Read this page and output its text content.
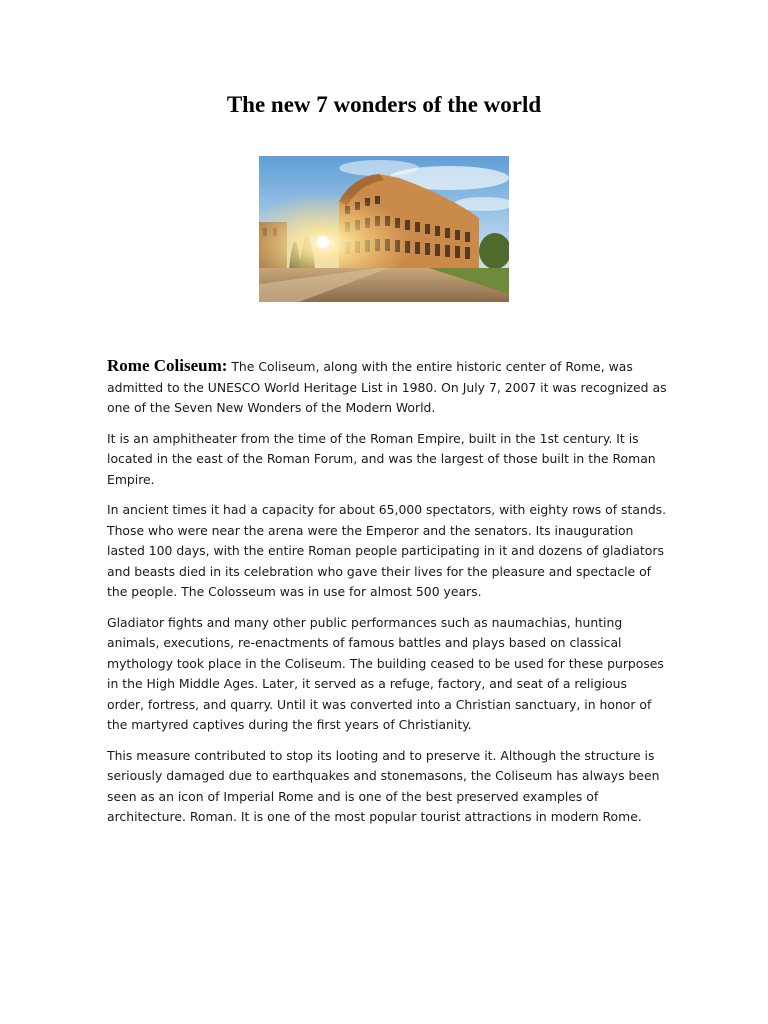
The new 7 wonders of the world

Rome Coliseum: The Coliseum, along with the entire historic center of Rome, was admitted to the UNESCO World Heritage List in 1980. On July 7, 2007 it was recognized as one of the Seven New Wonders of the Modern World.

It is an amphitheater from the time of the Roman Empire, built in the 1st century. It is located in the east of the Roman Forum, and was the largest of those built in the Roman Empire.

In ancient times it had a capacity for about 65,000 spectators, with eighty rows of stands. Those who were near the arena were the Emperor and the senators. Its inauguration lasted 100 days, with the entire Roman people participating in it and dozens of gladiators and beasts died in its celebration who gave their lives for the pleasure and spectacle of the people. The Colosseum was in use for almost 500 years.

Gladiator fights and many other public performances such as naumachias, hunting animals, executions, re-enactments of famous battles and plays based on classical mythology took place in the Coliseum. The building ceased to be used for these purposes in the High Middle Ages. Later, it served as a refuge, factory, and seat of a religious order, fortress, and quarry. Until it was converted into a Christian sanctuary, in honor of the martyred captives during the first years of Christianity.

This measure contributed to stop its looting and to preserve it. Although the structure is seriously damaged due to earthquakes and stonemasons, the Coliseum has always been seen as an icon of Imperial Rome and is one of the best preserved examples of architecture. Roman. It is one of the most popular tourist attractions in modern Rome.
